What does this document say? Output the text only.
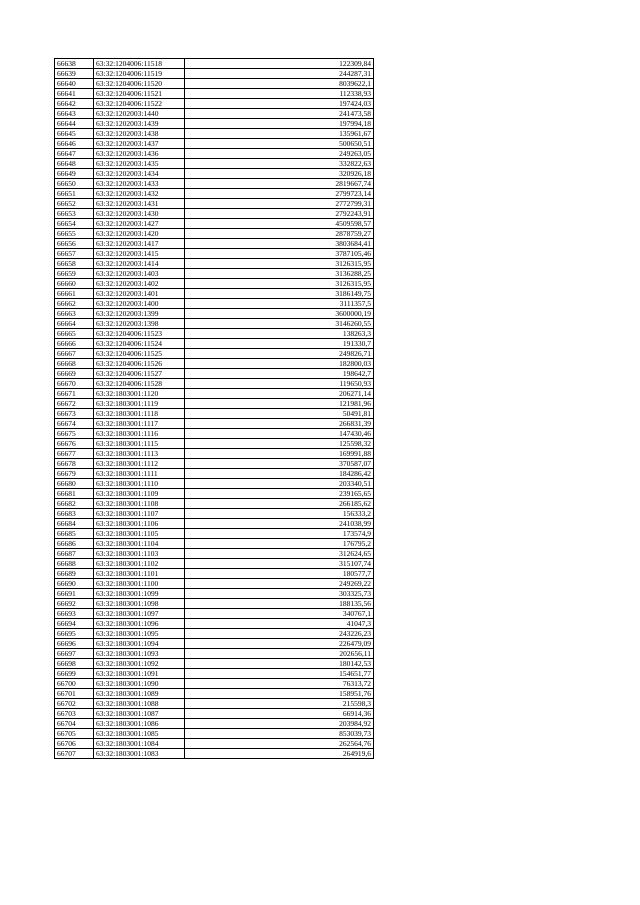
66638	63:32:1204006:11518	122309,84
66639	63:32:1204006:11519	244287,31
66640	63:32:1204006:11520	8039622,1
66641	63:32:1204006:11521	112338,93
66642	63:32:1204006:11522	197424,03
66643	63:32:1202003:1440	241473,58
66644	63:32:1202003:1439	197994,18
66645	63:32:1202003:1438	135961,67
66646	63:32:1202003:1437	500650,51
66647	63:32:1202003:1436	249263,05
66648	63:32:1202003:1435	332822,63
66649	63:32:1202003:1434	320926,18
66650	63:32:1202003:1433	2819667,74
66651	63:32:1202003:1432	2799723,14
66652	63:32:1202003:1431	2772799,31
66653	63:32:1202003:1430	2792243,91
66654	63:32:1202003:1427	4509598,57
66655	63:32:1202003:1420	2878759,27
66656	63:32:1202003:1417	3803684,41
66657	63:32:1202003:1415	3787105,46
66658	63:32:1202003:1414	3126315,95
66659	63:32:1202003:1403	3136288,25
66660	63:32:1202003:1402	3126315,95
66661	63:32:1202003:1401	3186149,75
66662	63:32:1202003:1400	3111357,5
66663	63:32:1202003:1399	3600000,19
66664	63:32:1202003:1398	3146260,55
66665	63:32:1204006:11523	138263,3
66666	63:32:1204006:11524	191330,7
66667	63:32:1204006:11525	249826,71
66668	63:32:1204006:11526	182800,03
66669	63:32:1204006:11527	198642,7
66670	63:32:1204006:11528	119650,93
66671	63:32:1803001:1120	206271,14
66672	63:32:1803001:1119	121981,96
66673	63:32:1803001:1118	50491,81
66674	63:32:1803001:1117	266831,39
66675	63:32:1803001:1116	147430,46
66676	63:32:1803001:1115	125598,32
66677	63:32:1803001:1113	169991,88
66678	63:32:1803001:1112	370587,07
66679	63:32:1803001:1111	184286,42
66680	63:32:1803001:1110	203340,51
66681	63:32:1803001:1109	239165,65
66682	63:32:1803001:1108	266185,62
66683	63:32:1803001:1107	156333,2
66684	63:32:1803001:1106	241038,99
66685	63:32:1803001:1105	173574,9
66686	63:32:1803001:1104	176795,2
66687	63:32:1803001:1103	312624,65
66688	63:32:1803001:1102	315107,74
66689	63:32:1803001:1101	180577,7
66690	63:32:1803001:1100	249269,22
66691	63:32:1803001:1099	303325,73
66692	63:32:1803001:1098	188135,56
66693	63:32:1803001:1097	340767,1
66694	63:32:1803001:1096	41047,3
66695	63:32:1803001:1095	243226,23
66696	63:32:1803001:1094	226479,09
66697	63:32:1803001:1093	202656,11
66698	63:32:1803001:1092	180142,53
66699	63:32:1803001:1091	154651,77
66700	63:32:1803001:1090	76313,72
66701	63:32:1803001:1089	158951,76
66702	63:32:1803001:1088	215598,3
66703	63:32:1803001:1087	66914,36
66704	63:32:1803001:1086	203984,92
66705	63:32:1803001:1085	853039,73
66706	63:32:1803001:1084	262564,76
66707	63:32:1803001:1083	264919,6
